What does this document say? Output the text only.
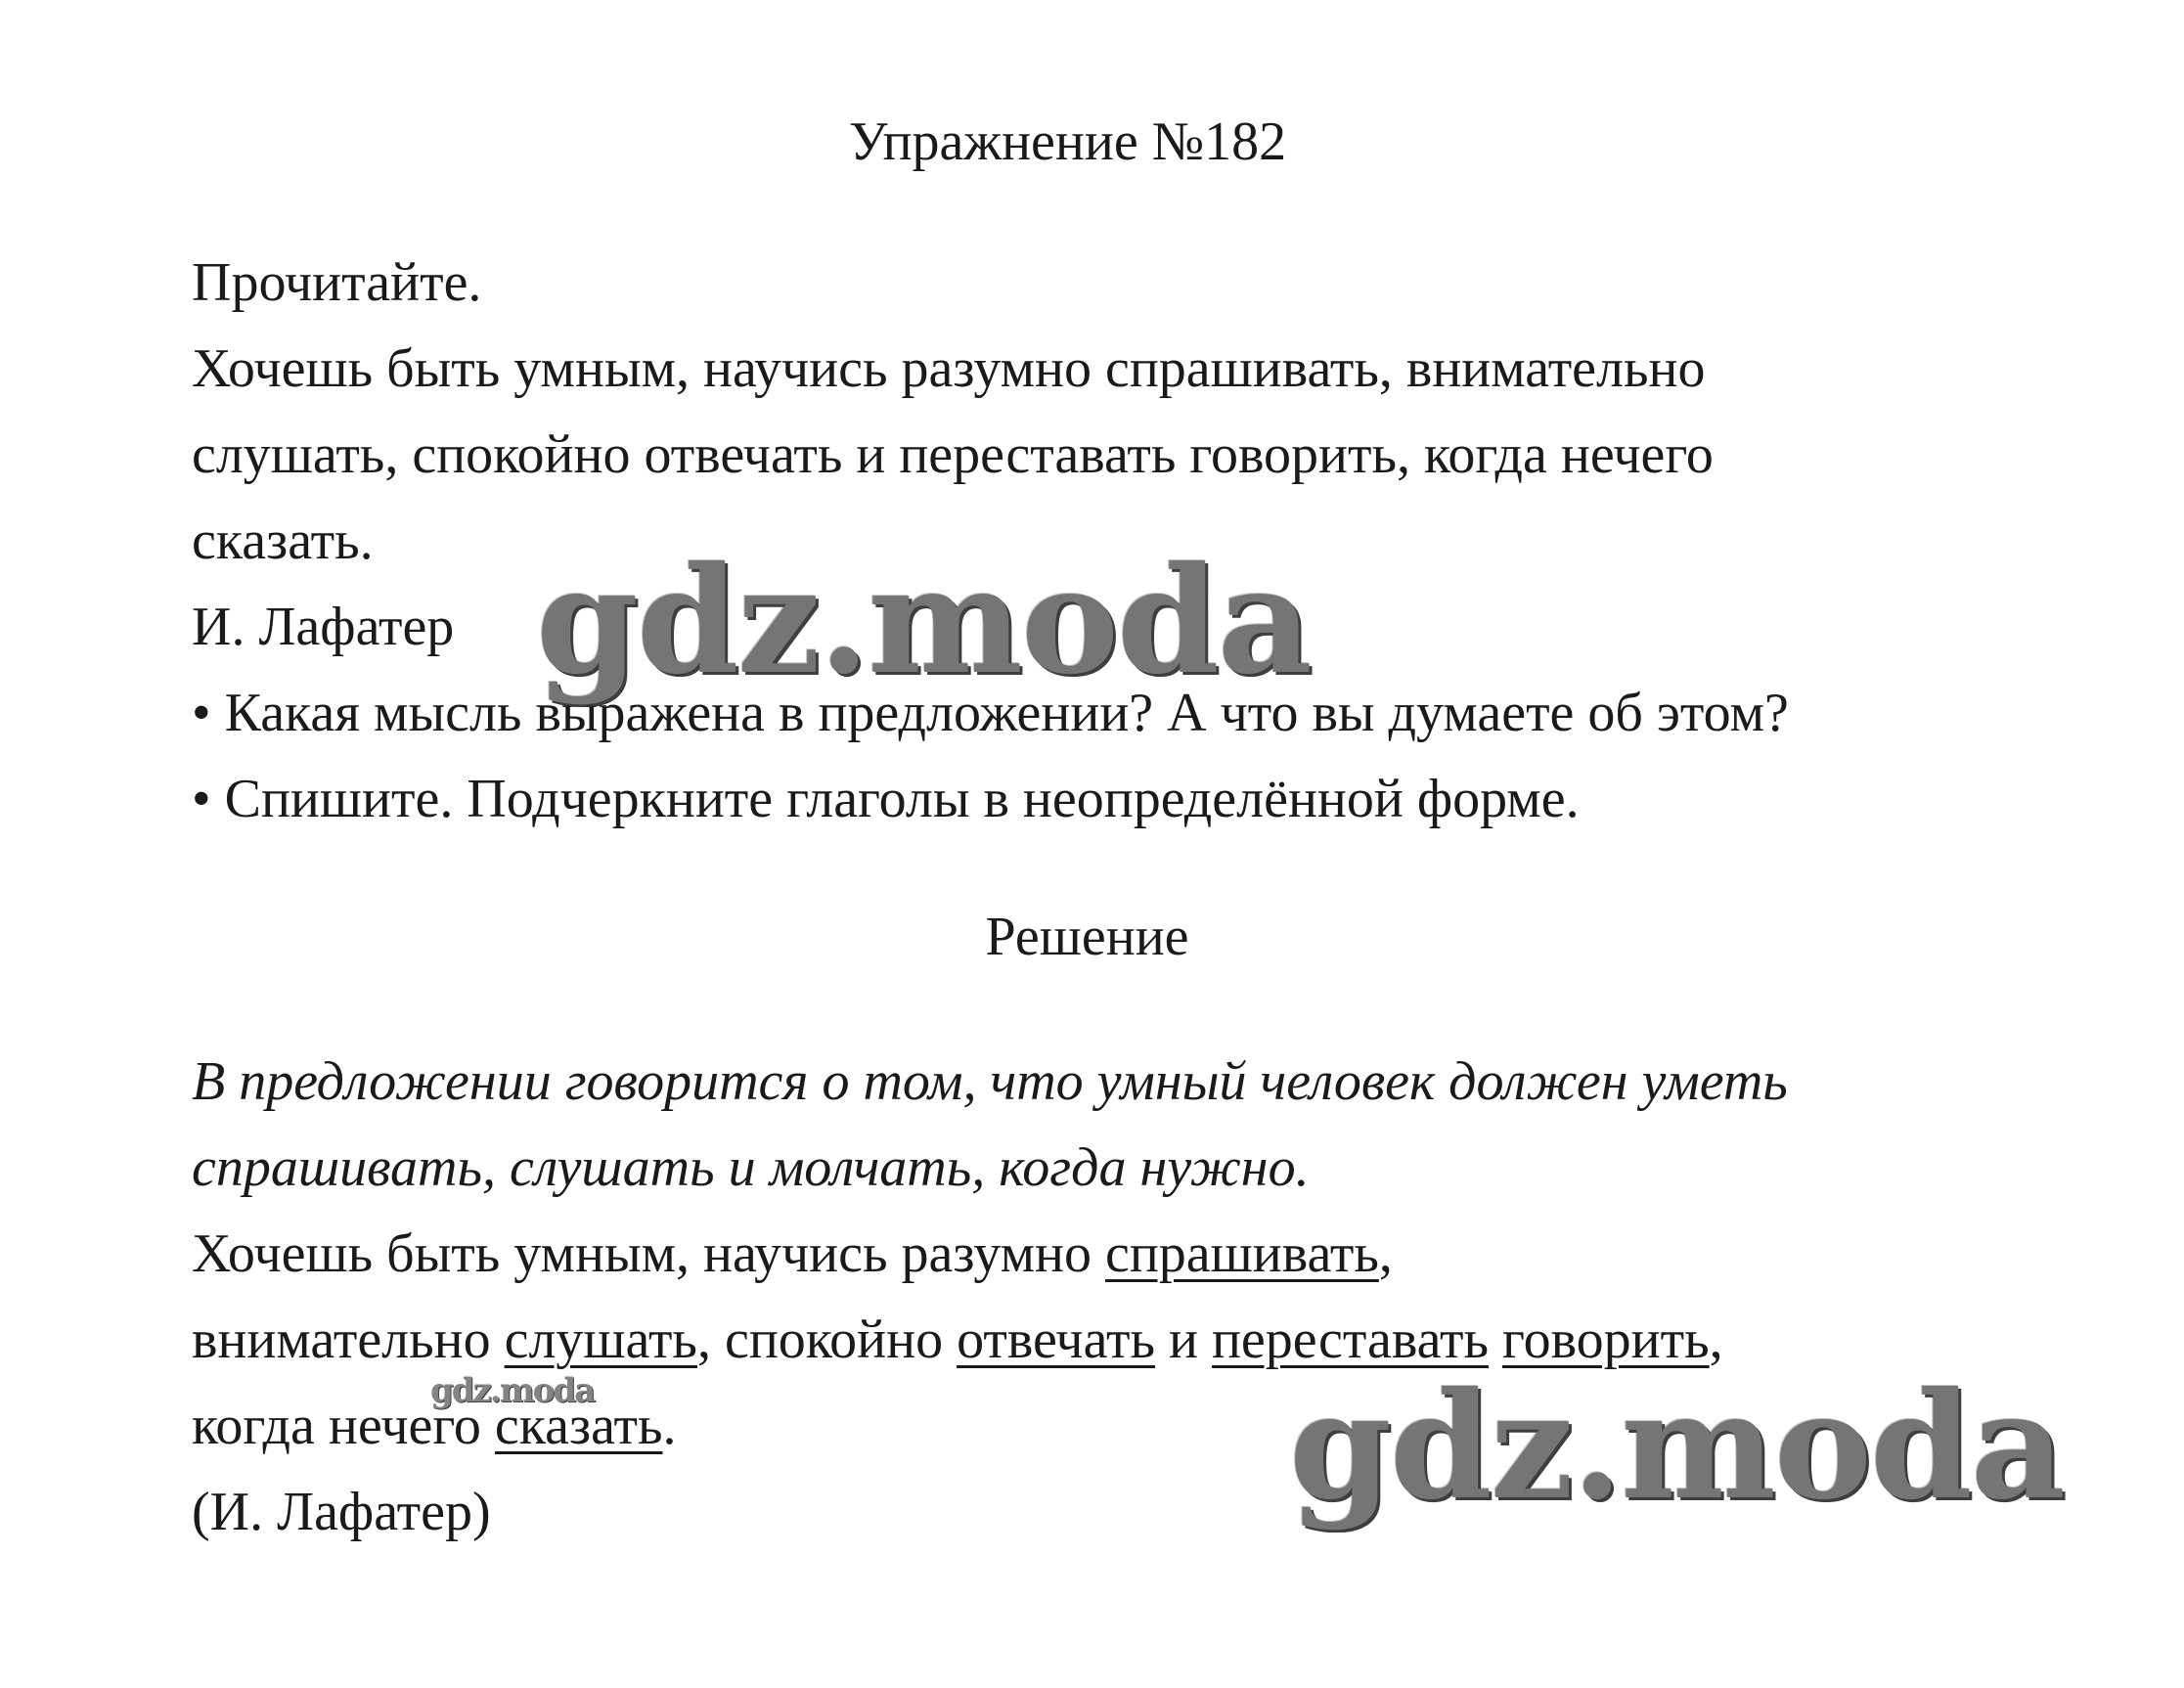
Упражнение №182
Прочитайте.
Хочешь быть умным, научись разумно спрашивать, внимательно
слушать, спокойно отвечать и переставать говорить, когда нечего
сказать.
И. Лафатер
• Какая мысль выражена в предложении? А что вы думаете об этом?
• Спишите. Подчеркните глаголы в неопределённой форме.
Решение
В предложении говорится о том, что умный человек должен уметь
спрашивать, слушать и молчать, когда нужно.
Хочешь быть умным, научись разумно спрашивать,
внимательно слушать, спокойно отвечать и переставать говорить,
когда нечего сказать.
(И. Лафатер)
gdz.moda
gdz.moda	gdz.moda
